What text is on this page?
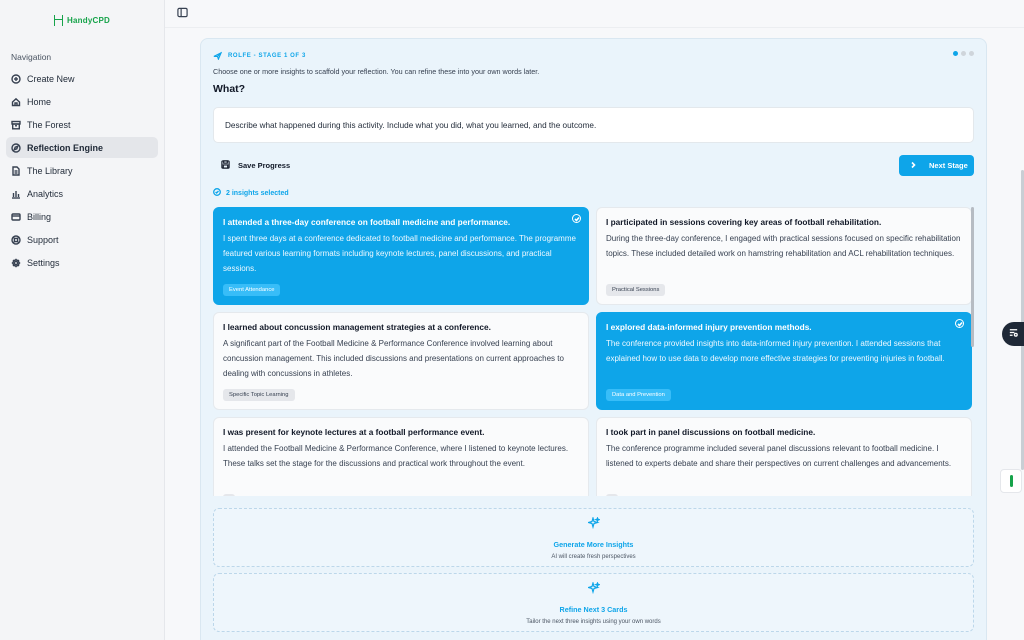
HandyCPD
Navigation
Create New
Home
The Forest
Reflection Engine
The Library
Analytics
Billing
Support
Settings
ROLFE - STAGE 1 OF 3
Choose one or more insights to scaffold your reflection. You can refine these into your own words later.
What?
Describe what happened during this activity. Include what you did, what you learned, and the outcome.
Save Progress	Next Stage
2 insights selected
I attended a three-day conference on football medicine and performance.
I spent three days at a conference dedicated to football medicine and performance. The programme featured various learning formats including keynote lectures, panel discussions, and practical sessions.
Event Attendance
I participated in sessions covering key areas of football rehabilitation.
During the three-day conference, I engaged with practical sessions focused on specific rehabilitation topics. These included detailed work on hamstring rehabilitation and ACL rehabilitation techniques.
Practical Sessions
I learned about concussion management strategies at a conference.
A significant part of the Football Medicine & Performance Conference involved learning about concussion management. This included discussions and presentations on current approaches to dealing with concussions in athletes.
Specific Topic Learning
I explored data-informed injury prevention methods.
The conference provided insights into data-informed injury prevention. I attended sessions that explained how to use data to develop more effective strategies for preventing injuries in football.
Data and Prevention
I was present for keynote lectures at a football performance event.
I attended the Football Medicine & Performance Conference, where I listened to keynote lectures. These talks set the stage for the discussions and practical work throughout the event.
I took part in panel discussions on football medicine.
The conference programme included several panel discussions relevant to football medicine. I listened to experts debate and share their perspectives on current challenges and advancements.
Generate More Insights
AI will create fresh perspectives
Refine Next 3 Cards
Tailor the next three insights using your own words
